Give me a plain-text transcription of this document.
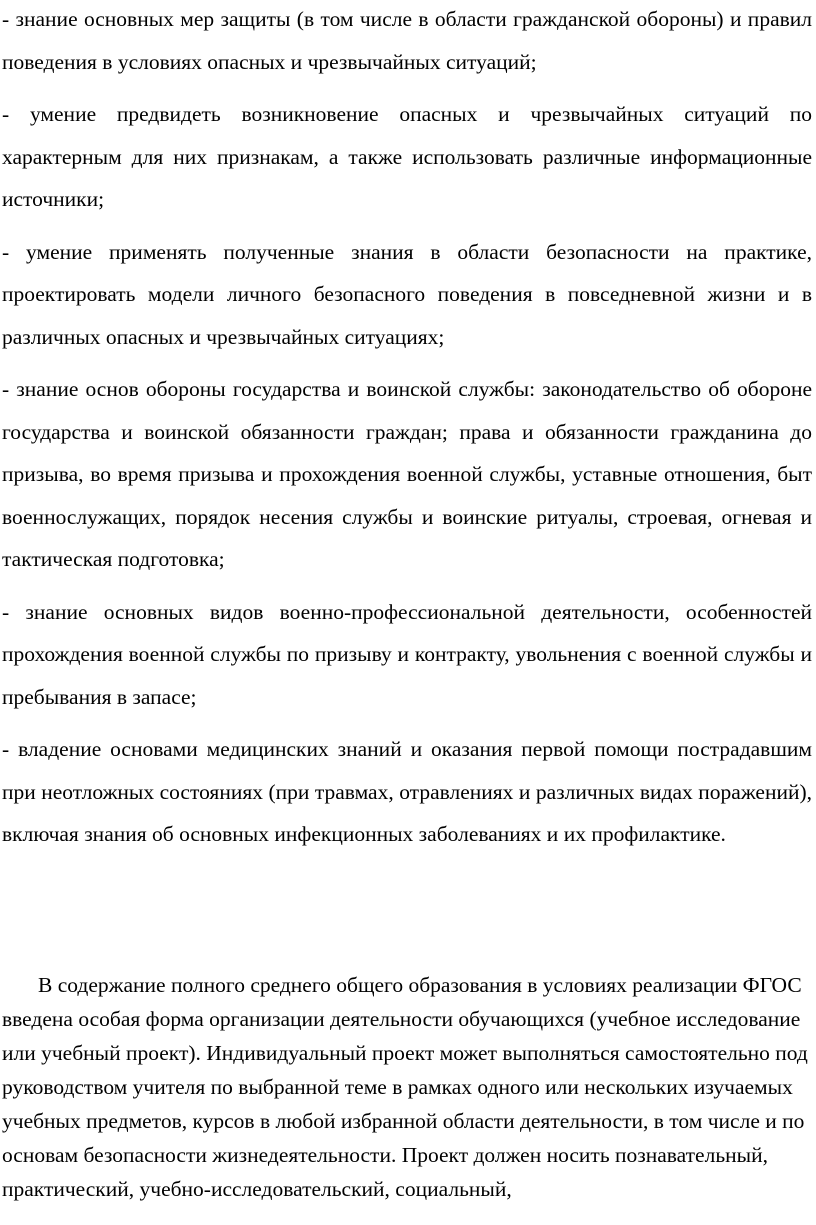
- знание основных мер защиты (в том числе в области гражданской обороны) и правил поведения в условиях опасных и чрезвычайных ситуаций;

- умение предвидеть возникновение опасных и чрезвычайных ситуаций по характерным для них признакам, а также использовать различные информационные источники;

- умение применять полученные знания в области безопасности на практике, проектировать модели личного безопасного поведения в повседневной жизни и в различных опасных и чрезвычайных ситуациях;

- знание основ обороны государства и воинской службы: законодательство об обороне государства и воинской обязанности граждан; права и обязанности гражданина до призыва, во время призыва и прохождения военной службы, уставные отношения, быт военнослужащих, порядок несения службы и воинские ритуалы, строевая, огневая и тактическая подготовка;

- знание основных видов военно-профессиональной деятельности, особенностей прохождения военной службы по призыву и контракту, увольнения с военной службы и пребывания в запасе;

- владение основами медицинских знаний и оказания первой помощи пострадавшим при неотложных состояниях (при травмах, отравлениях и различных видах поражений), включая знания об основных инфекционных заболеваниях и их профилактике.

В содержание полного среднего общего образования в условиях реализации ФГОС введена особая форма организации деятельности обучающихся (учебное исследование или учебный проект). Индивидуальный проект может выполняться самостоятельно под руководством учителя по выбранной теме в рамках одного или нескольких изучаемых учебных предметов, курсов в любой избранной области деятельности, в том числе и по основам безопасности жизнедеятельности. Проект должен носить познавательный, практический, учебно-исследовательский, социальный,
